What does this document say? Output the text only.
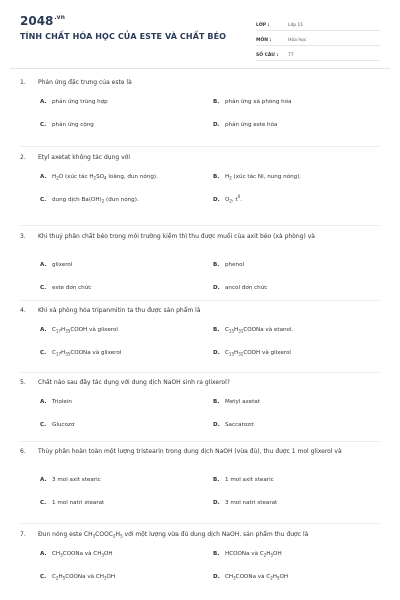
$2048^{.vn}$
TÍNH CHẤT HÓA HỌC CỦA ESTE VÀ CHẤT BÉO
LỚP :	Lớp 11
MÔN :	Hóa học
SỐ CÂU :	77
1. Phản ứng đặc trưng của este là
A. phản ứng trùng hợp	B. phản ứng xà phòng hóa
C. phản ứng cộng	D. phản ứng este hóa
2. Etyl axetat không tác dụng với
A. $H_2O$ (xúc tác $H_2SO_4$ loãng, đun nóng).	B. $H_2$ (xúc tác Ni, nung nóng).
C. dung dịch $Ba(OH)_2$ (đun nóng).	D. $O_2$, $t^0$.
3. Khi thuỷ phân chất béo trong môi trường kiềm thì thu được muối của axit béo (xà phòng) và
A. glixerol	B. phenol
C. este đơn chức	D. ancol đơn chức
4. Khi xà phòng hóa tripanmitin ta thu được sản phẩm là
A. $C_{17}H_{35}COOH$ và glixerol	B. $C_{15}H_{31}COONa$ và etanol.
C. $C_{17}H_{35}COONa$ và glixerol	D. $C_{15}H_{31}COOH$ và glixerol
5. Chất nào sau đây tác dụng với dung dịch NaOH sinh ra glixerol?
A. Triolein	B. Metyl axetat
C. Glucozơ	D. Saccarozơ
6. Thủy phân hoàn toàn một lượng tristearin trong dung dịch NaOH (vừa đủ), thu được 1 mol glixerol và
A. 3 mol axit stearic	B. 1 mol axit stearic
C. 1 mol natri stearat	D. 3 mol natri stearat
7. Đun nóng este $CH_3COOC_2H_5$ với một lượng vừa đủ dung dịch NaOH, sản phẩm thu được là
A. $CH_3COONa$ và $CH_3OH$	B. HCOONa và $C_2H_5OH$
C. $C_2H_5COONa$ và $CH_3OH$	D. $CH_3COONa$ và $C_2H_5OH$
